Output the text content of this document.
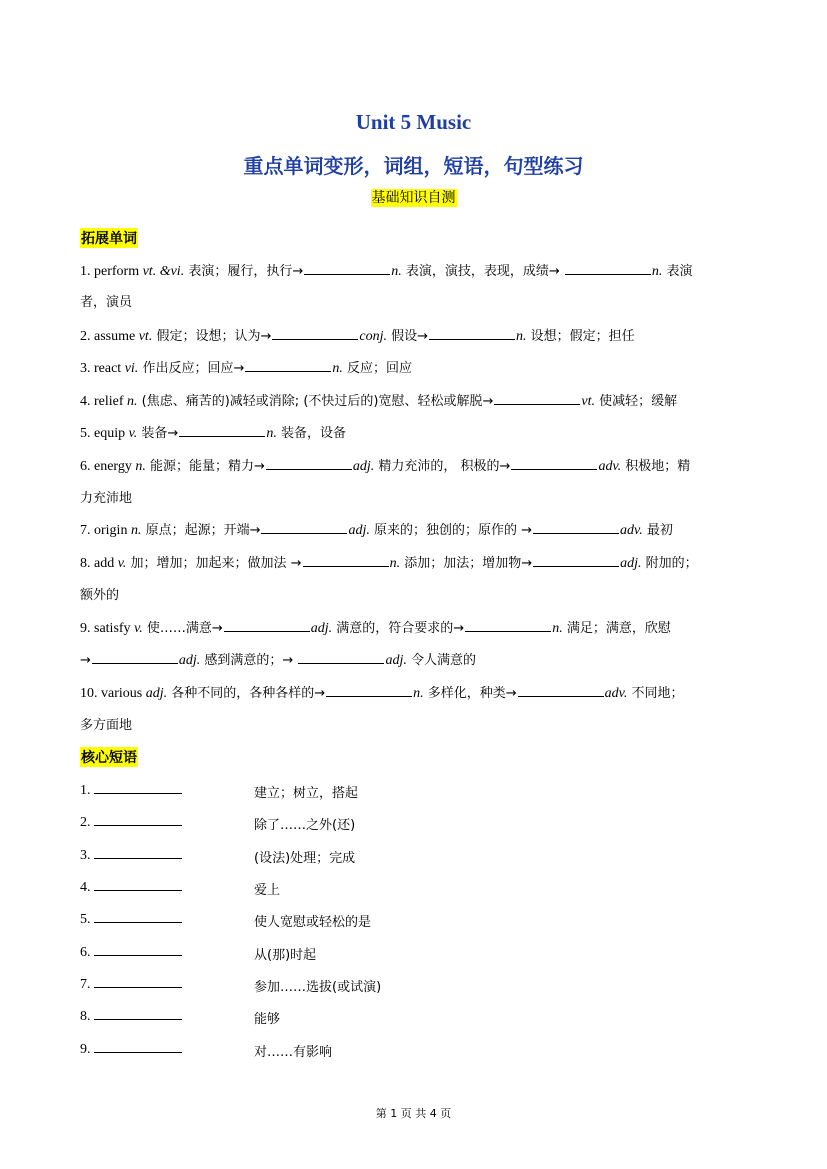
Unit 5 Music
重点单词变形，词组，短语，句型练习
基础知识自测
拓展单词
1. perform vt. &vi. 表演；履行，执行→	n. 表演，演技，表现，成绩→	n. 表演
者，演员
2. assume vt. 假定；设想；认为→	conj. 假设→	n. 设想；假定；担任
3. react vi. 作出反应；回应→	n. 反应；回应
4. relief n. (焦虑、痛苦的)减轻或消除; (不快过后的)宽慰、轻松或解脱→	vt. 使减轻；缓解
5. equip v. 装备→	n. 装备，设备
6. energy n. 能源；能量；精力→	adj. 精力充沛的， 积极的→	adv. 积极地；精
力充沛地
7. origin n. 原点；起源；开端→	adj. 原来的；独创的；原作的 →	adv. 最初
8. add v. 加；增加；加起来；做加法 →	n. 添加；加法；增加物→	adj. 附加的；
额外的
9. satisfy v. 使……满意→	adj. 满意的，符合要求的→	n. 满足；满意，欣慰
→	adj. 感到满意的；→	adj. 令人满意的
10. various adj. 各种不同的，各种各样的→	n. 多样化，种类→	adv. 不同地；
多方面地
核心短语
1.	建立；树立，搭起
2.	除了……之外(还)
3.	(设法)处理；完成
4.	爱上
5.	使人宽慰或轻松的是
6.	从(那)时起
7.	参加……选拔(或试演)
8.	能够
9.	对……有影响
第 1 页 共 4 页
